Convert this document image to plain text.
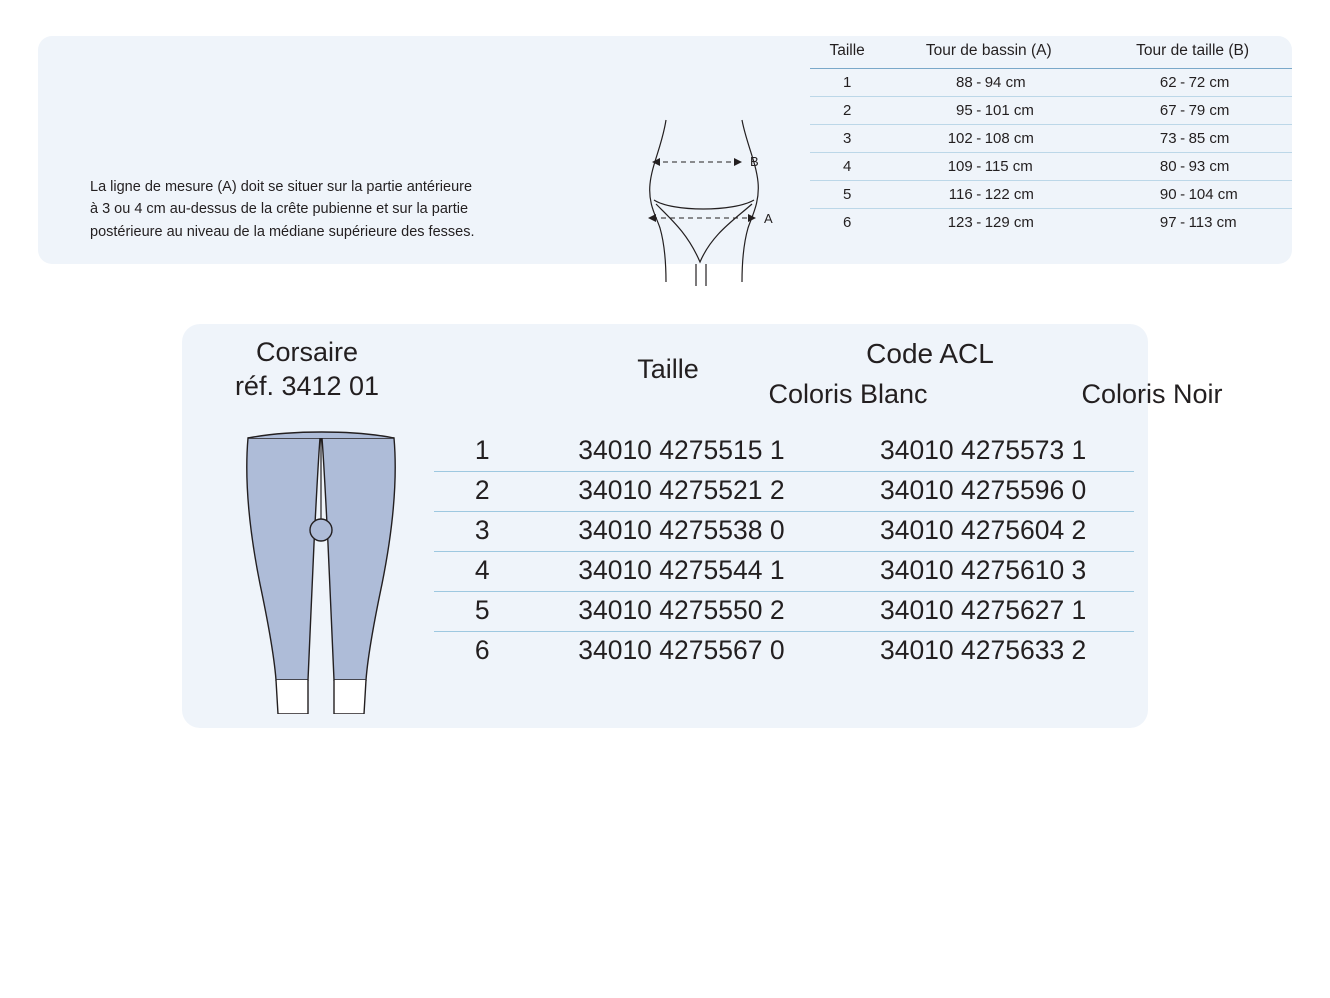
La ligne de mesure (A) doit se situer sur la partie antérieure

à 3 ou 4 cm au-dessus de la crête pubienne et sur la partie

postérieure au niveau de la médiane supérieure des fesses.

B
A
Taille	Tour de bassin (A)	Tour de taille (B)
1	88 - 94 cm	62 - 72 cm
2	95 - 101 cm	67 - 79 cm
3	102 - 108 cm	73 - 85 cm
4	109 - 115 cm	80 - 93 cm
5	116 - 122 cm	90 - 104 cm
6	123 - 129 cm	97 - 113 cm
Corsaire
réf. 3412 01
Taille	Code ACL
Coloris Blanc	Coloris Noir
1	34010 4275515 1	34010 4275573 1
2	34010 4275521 2	34010 4275596 0
3	34010 4275538 0	34010 4275604 2
4	34010 4275544 1	34010 4275610 3
5	34010 4275550 2	34010 4275627 1
6	34010 4275567 0	34010 4275633 2
